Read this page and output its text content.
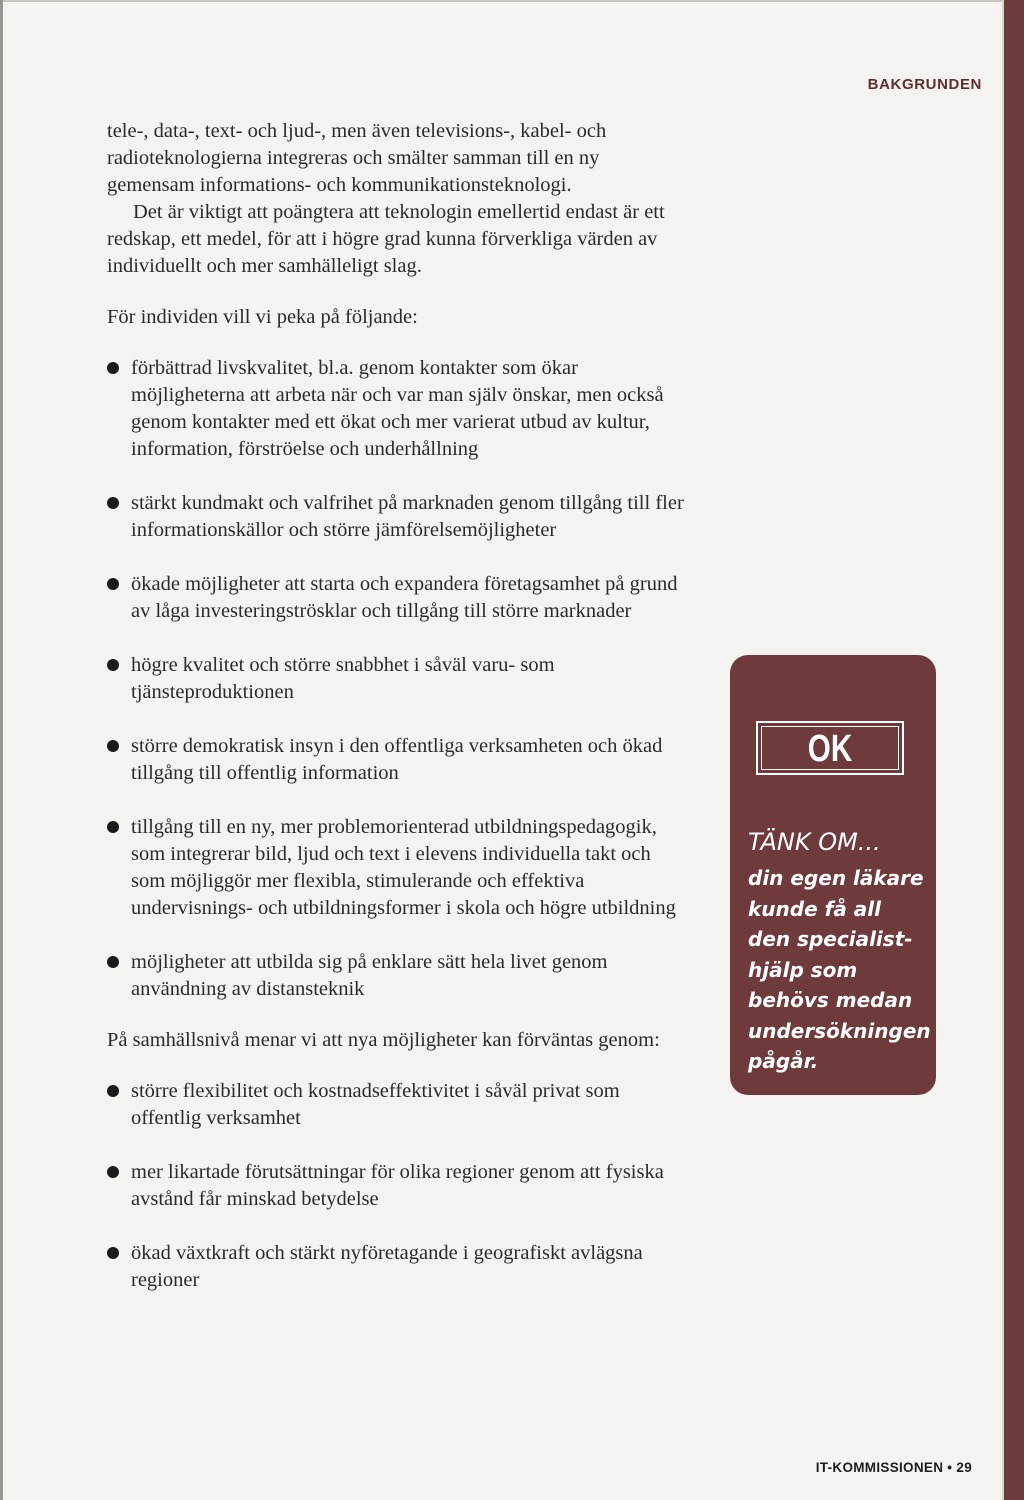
BAKGRUNDEN

tele-, data-, text- och ljud-, men även televisions-, kabel- och radioteknologierna integreras och smälter samman till en ny gemensam informations- och kommunikationsteknologi.

Det är viktigt att poängtera att teknologin emellertid endast är ett redskap, ett medel, för att i högre grad kunna förverkliga värden av individuellt och mer samhälleligt slag.

För individen vill vi peka på följande:

förbättrad livskvalitet, bl.a. genom kontakter som ökar möjligheterna att arbeta när och var man själv önskar, men också genom kontakter med ett ökat och mer varierat utbud av kultur, information, förströelse och underhållning
stärkt kundmakt och valfrihet på marknaden genom tillgång till fler informationskällor och större jämförelsemöjligheter
ökade möjligheter att starta och expandera företagsamhet på grund av låga investeringströsklar och tillgång till större marknader
högre kvalitet och större snabbhet i såväl varu- som tjänsteproduktionen
större demokratisk insyn i den offentliga verksamheten och ökad tillgång till offentlig information
tillgång till en ny, mer problemorienterad utbildningspedagogik, som integrerar bild, ljud och text i elevens individuella takt och som möjliggör mer flexibla, stimulerande och effektiva undervisnings- och utbildningsformer i skola och högre utbildning
möjligheter att utbilda sig på enklare sätt hela livet genom användning av distansteknik

På samhällsnivå menar vi att nya möjligheter kan förväntas genom:

större flexibilitet och kostnadseffektivitet i såväl privat som offentlig verksamhet
mer likartade förutsättningar för olika regioner genom att fysiska avstånd får minskad betydelse
ökad växtkraft och stärkt nyföretagande i geografiskt avlägsna regioner
OK
TÄNK OM...
din egen läkare
kunde få all
den specialist-
hjälp som
behövs medan
undersökningen
pågår.
IT-KOMMISSIONEN • 29
